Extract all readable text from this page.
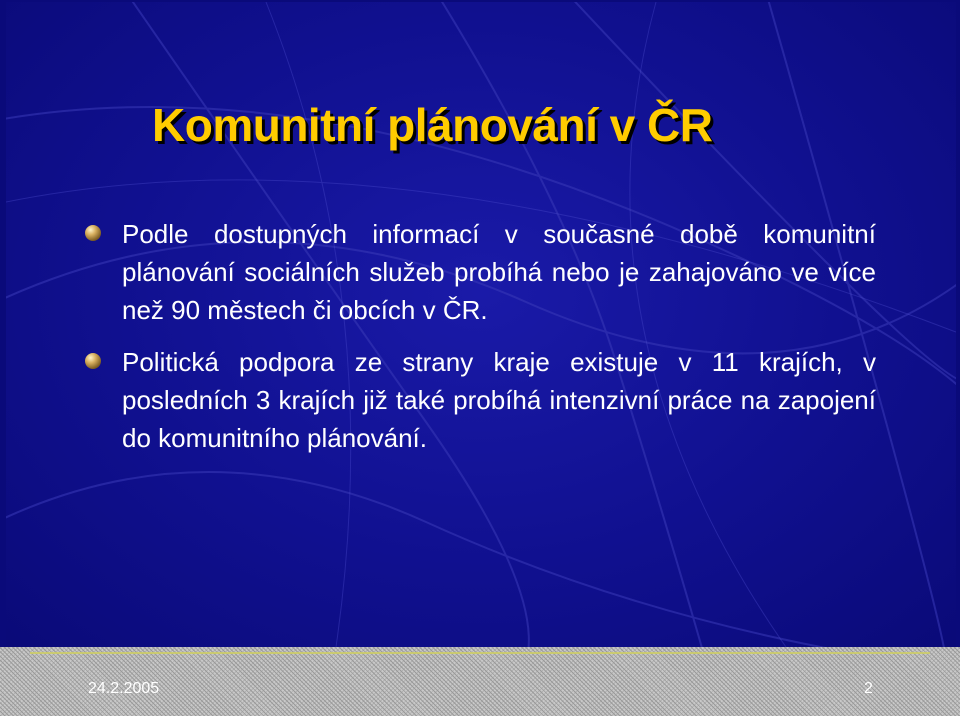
Komunitní plánování v ČR
Podle dostupných informací v současné době komunitní plánování sociálních služeb probíhá nebo je zahajováno ve více než 90 městech či obcích v ČR.
Politická podpora ze strany kraje existuje v 11 krajích, v posledních 3 krajích již také probíhá intenzivní práce na zapojení do komunitního plánování.
24.2.2005	2
